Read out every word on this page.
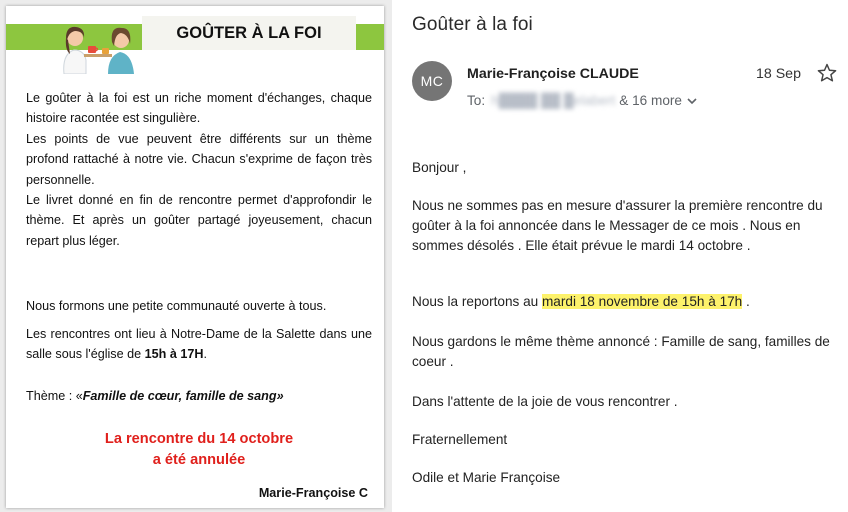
GOÛTER À LA FOI

Le goûter à la foi est un riche moment d'échanges, chaque histoire racontée est singulière.

Les points de vue peuvent être différents sur un thème profond rattaché à notre vie. Chacun s'exprime de façon très personnelle.

Le livret donné en fin de rencontre permet d'approfondir le thème. Et après un goûter partagé joyeusement, chacun repart plus léger.

Nous formons une petite communauté ouverte à tous.

Les rencontres ont lieu à Notre-Dame de la Salette dans une salle sous l'église de 15h à 17H.

Thème : «Famille de cœur, famille de sang»

La rencontre du 14 octobre
a été annulée
Marie-Françoise C
Goûter à la foi
MC	Marie-Françoise CLAUDE	18 Sep
To: h████ ██ █elabert & 16 more
Bonjour ,
Nous ne sommes pas en mesure d'assurer la première rencontre du goûter à la foi annoncée dans le Messager de ce mois . Nous en sommes désolés . Elle était prévue le mardi 14 octobre .
Nous la reportons au mardi 18 novembre de 15h à 17h .
Nous gardons le même thème annoncé : Famille de sang, familles de coeur .
Dans l'attente de la joie de vous rencontrer .
Fraternellement
Odile et Marie Françoise
